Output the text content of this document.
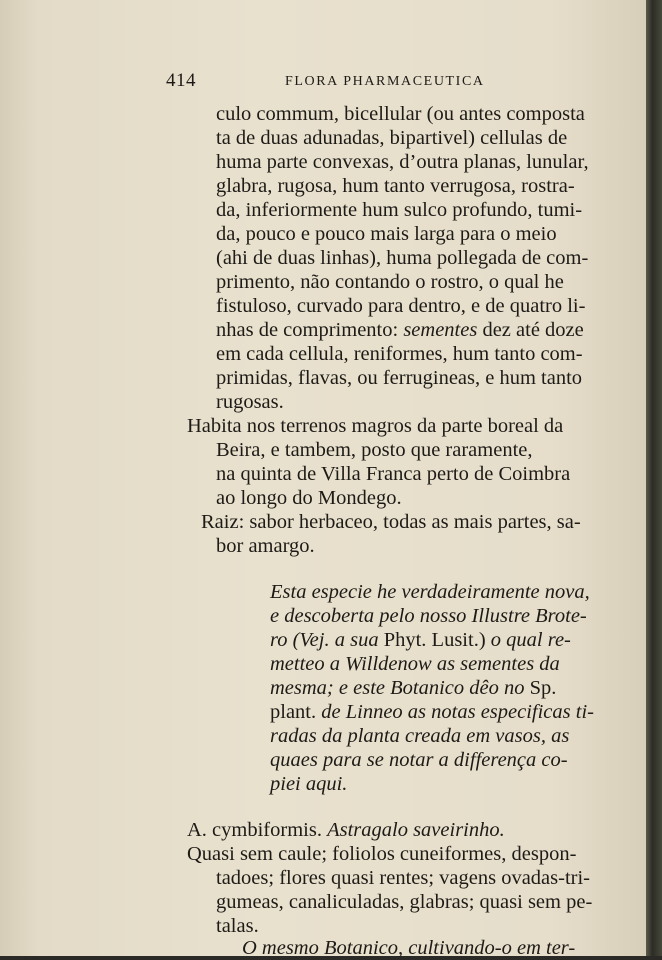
414	FLORA PHARMACEUTICA
culo commum, bicellular (ou antes composta
ta de duas adunadas, bipartivel) cellulas de
huma parte convexas, d’outra planas, lunular,
glabra, rugosa, hum tanto verrugosa, rostra-
da, inferiormente hum sulco profundo, tumi-
da, pouco e pouco mais larga para o meio
(ahi de duas linhas), huma pollegada de com-
primento, não contando o rostro, o qual he
fistuloso, curvado para dentro, e de quatro li-
nhas de comprimento: sementes dez até doze
em cada cellula, reniformes, hum tanto com-
primidas, flavas, ou ferrugineas, e hum tanto
rugosas.
Habita nos terrenos magros da parte boreal da
Beira, e tambem, posto que raramente,
na quinta de Villa Franca perto de Coimbra
ao longo do Mondego.
Raiz: sabor herbaceo, todas as mais partes, sa-
bor amargo.
Esta especie he verdadeiramente nova,
e descoberta pelo nosso Illustre Brote-
ro (Vej. a sua Phyt. Lusit.) o qual re-
metteo a Willdenow as sementes da
mesma; e este Botanico dêo no Sp.
plant. de Linneo as notas especificas ti-
radas da planta creada em vasos, as
quaes para se notar a differença co-
piei aqui.
A. cymbiformis. Astragalo saveirinho.
Quasi sem caule; foliolos cuneiformes, despon-
tadoes; flores quasi rentes; vagens ovadas-tri-
gumeas, canaliculadas, glabras; quasi sem pe-
talas.
O mesmo Botanico, cultivando-o em ter-
